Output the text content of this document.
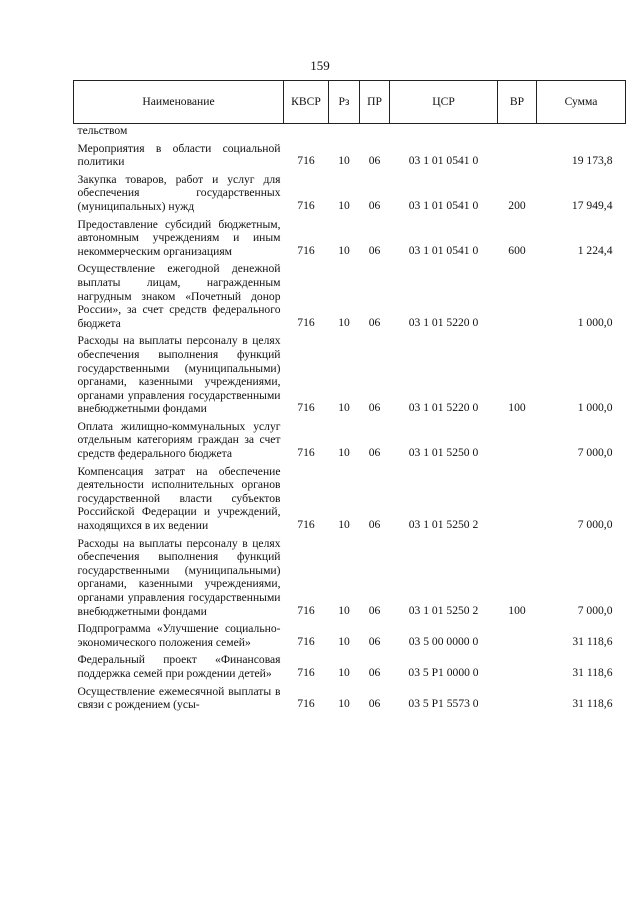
159
Наименование	КВСР	Рз	ПР	ЦСР	ВР	Сумма
тельством						

Мероприятия в области социальной политики	716	10	06	03 1 01 0541 0		19 173,8

Закупка товаров, работ и услуг для обеспечения государственных (муниципальных) нужд	716	10	06	03 1 01 0541 0	200	17 949,4

Предоставление субсидий бюджетным, автономным учреждениям и иным некоммерческим организациям	716	10	06	03 1 01 0541 0	600	1 224,4

Осуществление ежегодной денежной выплаты лицам, награжденным нагрудным знаком «Почетный донор России», за счет средств федерального бюджета	716	10	06	03 1 01 5220 0		1 000,0

Расходы на выплаты персоналу в целях обеспечения выполнения функций государственными (муниципальными) органами, казенными учреждениями, органами управления государственными внебюджетными фондами	716	10	06	03 1 01 5220 0	100	1 000,0

Оплата жилищно-коммунальных услуг отдельным категориям граждан за счет средств федерального бюджета	716	10	06	03 1 01 5250 0		7 000,0

Компенсация затрат на обеспечение деятельности исполнительных органов государственной власти субъектов Российской Федерации и учреждений, находящихся в их ведении	716	10	06	03 1 01 5250 2		7 000,0

Расходы на выплаты персоналу в целях обеспечения выполнения функций государственными (муниципальными) органами, казенными учреждениями, органами управления государственными внебюджетными фондами	716	10	06	03 1 01 5250 2	100	7 000,0

Подпрограмма «Улучшение социально-экономического положения семей»	716	10	06	03 5 00 0000 0		31 118,6

Федеральный проект «Финансовая поддержка семей при рождении детей»	716	10	06	03 5 P1 0000 0		31 118,6

Осуществление ежемесячной выплаты в связи с рождением (усы-	716	10	06	03 5 P1 5573 0		31 118,6
